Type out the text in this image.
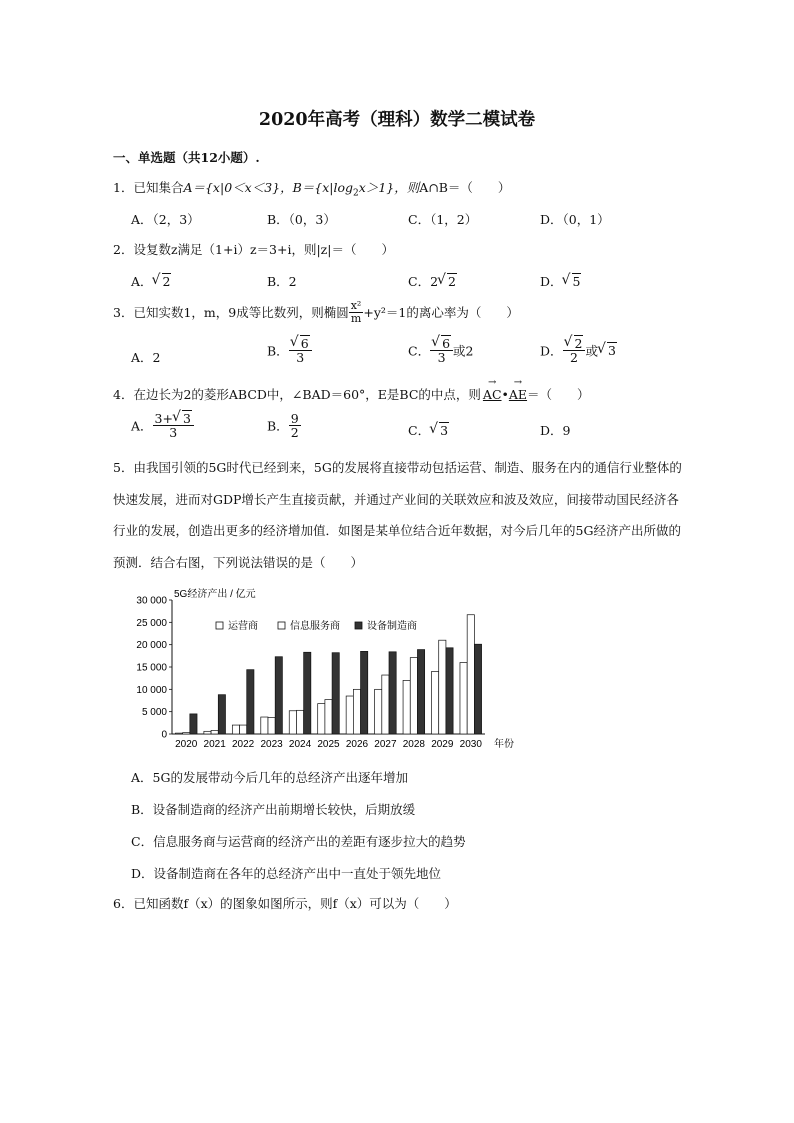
2020年高考（理科）数学二模试卷
一、单选题（共12小题）.
1．已知集合A＝{x|0＜x＜3}，$B=\{x|\log_2x>1\}$，则A∩B＝（　　）
A．（2，3）	B．（0，3）	C．（1，2）	D．（0，1）
2．设复数z满足（1+i）z＝3+i，则|z|＝（　　）
A． √ 2	B．2	C．2 √ 2	D． √ 5
3．已知实数1，m，9成等比数列，则椭圆 $\frac{\text{x²}}{m} +y^2=1$的离心率为（　　）
A．2	B． √ $\frac{6}{3}$	C． √ $\frac{6}{3}$ 或2	D． √ $\frac{2}{2}$ 或 √ 3
4．在边长为2的菱形ABCD中，∠BAD＝60°，E是BC的中点，则 → AC•→ AE＝（　　）
A． $\frac{3+ √ 3}{3}$	B． $\frac{9}{2}$	C． √ 3	D．9
5．由我国引领的5G时代已经到来，5G的发展将直接带动包括运营、制造、服务在内的通信行业整体的快速发展，进而对GDP增长产生直接贡献，并通过产业间的关联效应和波及效应，间接带动国民经济各行业的发展，创造出更多的经济增加值．如图是某单位结合近年数据，对今后几年的5G经济产出所做的预测．结合右图，下列说法错误的是（　　）
5G经济产出 / 亿元
年份
运营商	信息服务商	设备制造商
0
5 000
10 000
15 000
20 000
25 000
30 000
2020 2021 2022 2023 2024 2025 2026 2027 2028 2029 2030
A．5G的发展带动今后几年的总经济产出逐年增加
B．设备制造商的经济产出前期增长较快，后期放缓
C．信息服务商与运营商的经济产出的差距有逐步拉大的趋势
D．设备制造商在各年的总经济产出中一直处于领先地位
6．已知函数f（x）的图象如图所示，则f（x）可以为（　　）
